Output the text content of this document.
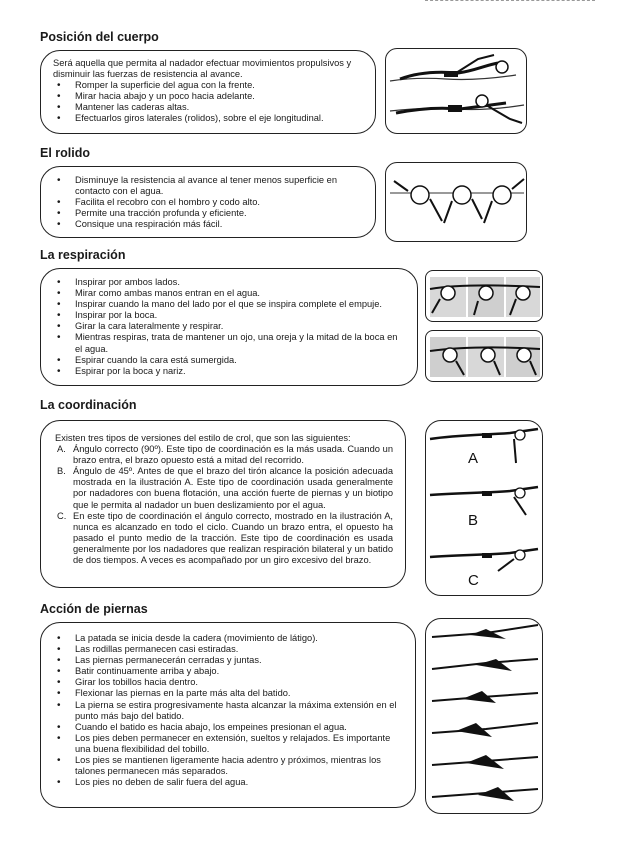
Posición del cuerpo
Será aquella que permita al nadador efectuar movimientos propulsivos y disminuir las fuerzas de resistencia al avance.
• Romper la superficie del agua con la frente.
• Mirar hacia abajo y un poco hacia adelante.
• Mantener las caderas altas.
• Efectuarlos giros laterales (rolidos), sobre el eje longitudinal.
El rolido
• Disminuye la resistencia al avance al tener menos superficie en contacto con el agua.
• Facilita el recobro con el hombro y codo alto.
• Permite una tracción profunda y eficiente.
• Consique una respiración más fácil.
La respiración
• Inspirar por ambos lados.
• Mirar como ambas manos entran en el agua.
• Inspirar cuando la mano del lado por el que se inspira complete el empuje.
• Inspirar por la boca.
• Girar la cara lateralmente y respirar.
• Mientras respiras, trata de mantener un ojo, una oreja y la mitad de la boca en el agua.
• Espirar cuando la cara está sumergida.
• Espirar por la boca y nariz.
La coordinación
Existen tres tipos de versiones del estilo de crol, que son las siguientes:
A. Ángulo correcto (90º). Este tipo de coordinación es la más usada. Cuando un brazo entra, el brazo opuesto está a mitad del recorrido.
B. Ángulo de 45º. Antes de que el brazo del tirón alcance la posición adecuada mostrada en la ilustración A. Este tipo de coordinación usada generalmente por nadadores con buena flotación, una acción fuerte de piernas y un biotipo que le permita al nadador un buen deslizamiento por el agua.
C. En este tipo de coordinación el ángulo correcto, mostrado en la ilustración A, nunca es alcanzado en todo el ciclo. Cuando un brazo entra, el opuesto ha pasado el punto medio de la tracción. Este tipo de coordinación es usada generalmente por los nadadores que realizan respiración bilateral y un batido de dos tiempos. A veces es acompañado por un giro excesivo del brazo.
A
B
C
Acción de piernas
• La patada se inicia desde la cadera (movimiento de látigo).
• Las rodillas permanecen casi estiradas.
• Las piernas permanecerán cerradas y juntas.
• Batir continuamente arriba y abajo.
• Girar los tobillos hacia dentro.
• Flexionar las piernas en la parte más alta del batido.
• La pierna se estira progresivamente hasta alcanzar la máxima extensión en el punto más bajo del batido.
• Cuando el batido es hacia abajo, los empeines presionan el agua.
• Los pies deben permanecer en extensión, sueltos y relajados. Es importante una buena flexibilidad del tobillo.
• Los pies se mantienen ligeramente hacia adentro y próximos, mientras los talones permanecen más separados.
• Los pies no deben de salir fuera del agua.
